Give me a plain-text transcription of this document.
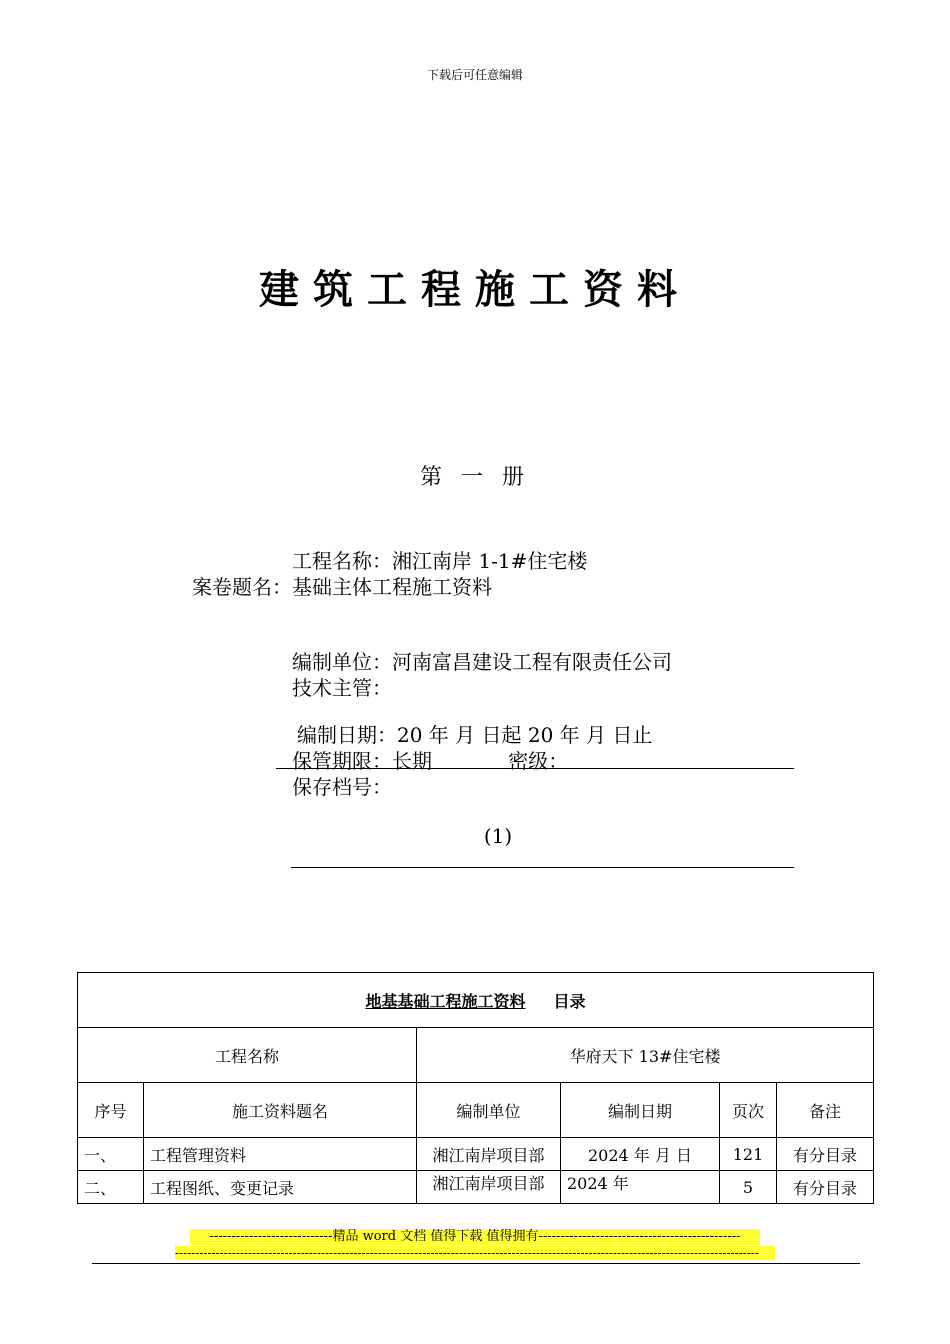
下载后可任意编辑
建筑工程施工资料
第 一 册
工程名称：湘江南岸 1-1#住宅楼
案卷题名：基础主体工程施工资料
编制单位：河南富昌建设工程有限责任公司
技术主管：
编制日期：20 年 月 日起 20 年 月 日止
保管期限：长期            密级：
保存档号：
(1)
地基基础工程施工资料 目录					
工程名称		华府天下 13#住宅楼			
序号	施工资料题名	编制单位	编制日期	页次	备注
一、	工程管理资料	湘江南岸项目部	2024 年 月 日	121	有分目录
二、	工程图纸、变更记录	湘江南岸项目部	2024 年	5	有分目录
----------------------------精品 word 文档 值得下载 值得拥有----------------------------------------------
------------------------------------------------------------------------------------------------------------------------------------------------
